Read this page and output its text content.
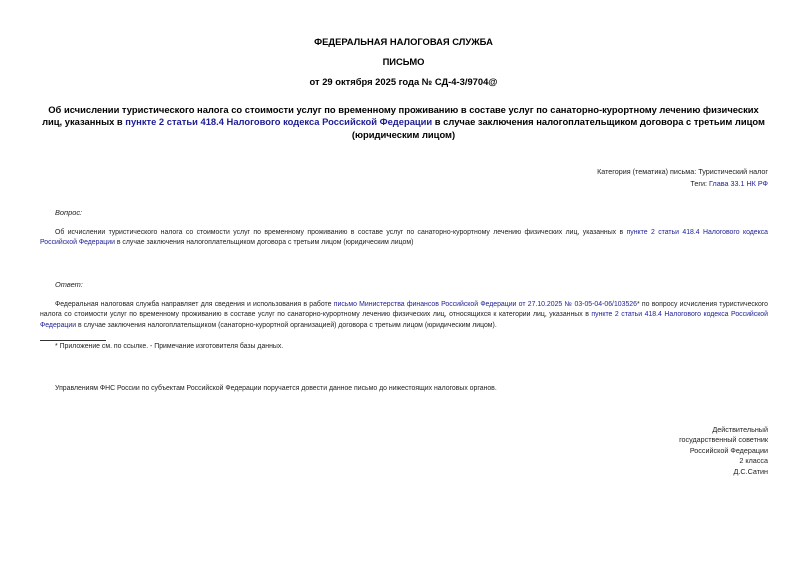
ФЕДЕРАЛЬНАЯ НАЛОГОВАЯ СЛУЖБА
ПИСЬМО
от 29 октября 2025 года № СД-4-3/9704@
Об исчислении туристического налога со стоимости услуг по временному проживанию в составе услуг по санаторно-курортному лечению физических лиц, указанных в пункте 2 статьи 418.4 Налогового кодекса Российской Федерации в случае заключения налогоплательщиком договора с третьим лицом (юридическим лицом)
Категория (тематика) письма: Туристический налог
Теги: Глава 33.1 НК РФ
Вопрос:
Об исчислении туристического налога со стоимости услуг по временному проживанию в составе услуг по санаторно-курортному лечению физических лиц, указанных в пункте 2 статьи 418.4 Налогового кодекса Российской Федерации в случае заключения налогоплательщиком договора с третьим лицом (юридическим лицом)
Ответ:
Федеральная налоговая служба направляет для сведения и использования в работе письмо Министерства финансов Российской Федерации от 27.10.2025 № 03-05-04-06/103526* по вопросу исчисления туристического налога со стоимости услуг по временному проживанию в составе услуг по санаторно-курортному лечению физических лиц, относящихся к категории лиц, указанных в пункте 2 статьи 418.4 Налогового кодекса Российской Федерации в случае заключения налогоплательщиком (санаторно-курортной организацией) договора с третьим лицом (юридическим лицом).
* Приложение см. по ссылке. - Примечание изготовителя базы данных.
Управлениям ФНС России по субъектам Российской Федерации поручается довести данное письмо до нижестоящих налоговых органов.
Действительный
государственный советник
Российской Федерации
2 класса
Д.С.Сатин
